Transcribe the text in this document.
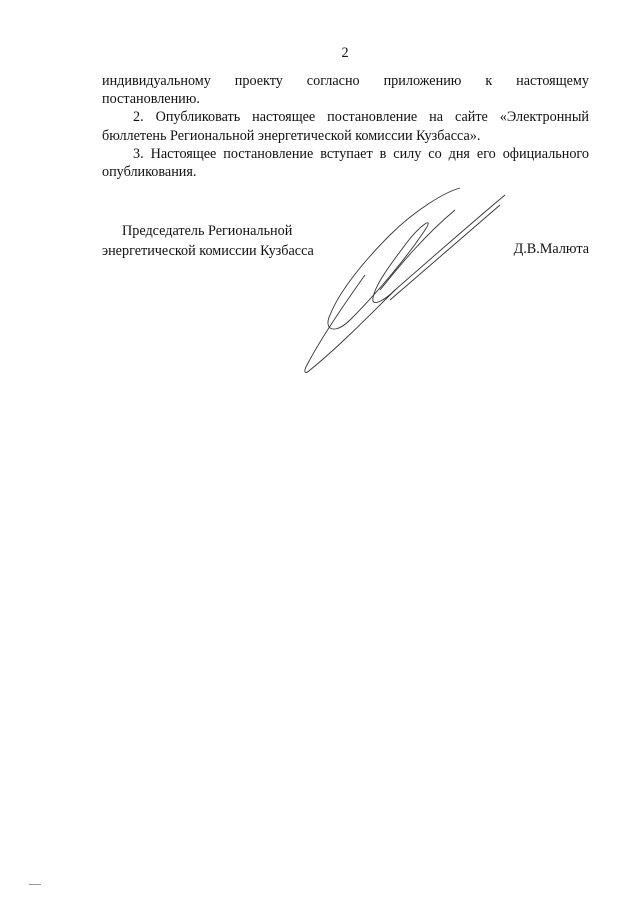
2

индивидуальному проекту согласно приложению к настоящему

постановлению.

2. Опубликовать настоящее постановление на сайте «Электронный бюллетень Региональной энергетической комиссии Кузбасса».

3. Настоящее постановление вступает в силу со дня его официального опубликования.

Председатель Региональной
энергетической комиссии Кузбасса	Д.В.Малюта
